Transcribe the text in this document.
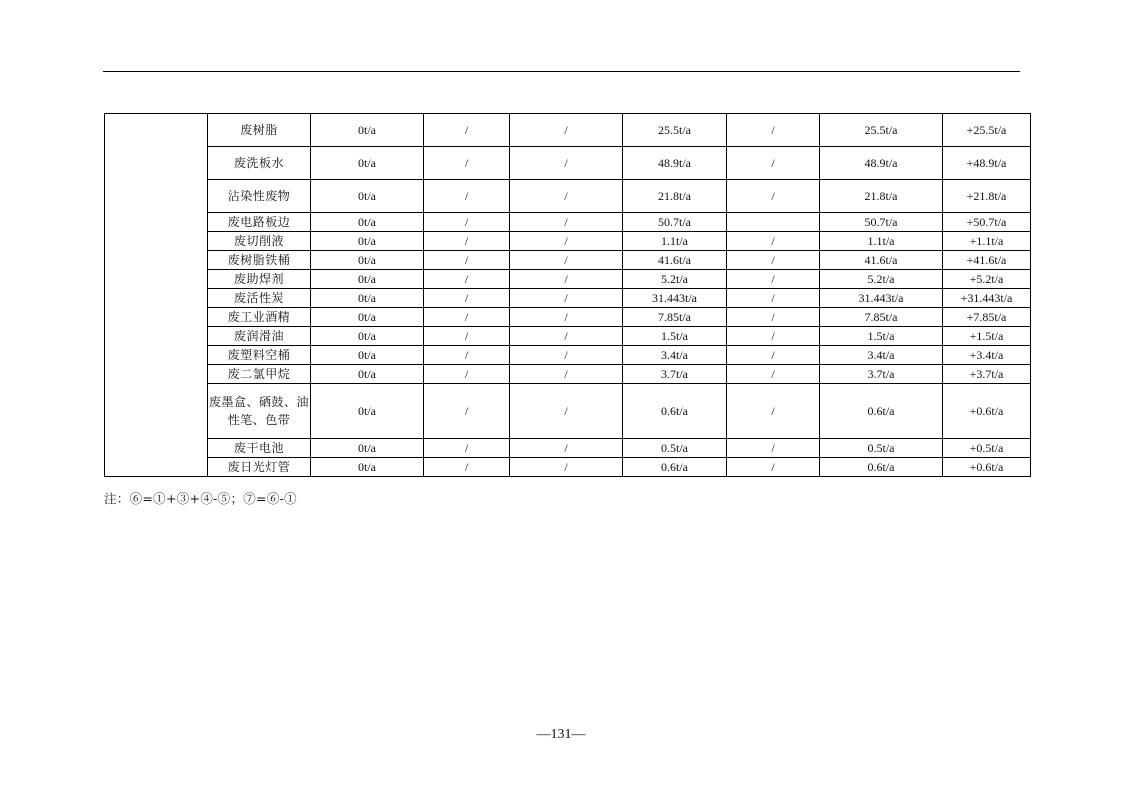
	废树脂	0t/a	/	/	25.5t/a	/	25.5t/a	+25.5t/a
	废洗板水	0t/a	/	/	48.9t/a	/	48.9t/a	+48.9t/a
	沾染性废物	0t/a	/	/	21.8t/a	/	21.8t/a	+21.8t/a
	废电路板边	0t/a	/	/	50.7t/a		50.7t/a	+50.7t/a
	废切削液	0t/a	/	/	1.1t/a	/	1.1t/a	+1.1t/a
	废树脂铁桶	0t/a	/	/	41.6t/a	/	41.6t/a	+41.6t/a
	废助焊剂	0t/a	/	/	5.2t/a	/	5.2t/a	+5.2t/a
	废活性炭	0t/a	/	/	31.443t/a	/	31.443t/a	+31.443t/a
	废工业酒精	0t/a	/	/	7.85t/a	/	7.85t/a	+7.85t/a
	废润滑油	0t/a	/	/	1.5t/a	/	1.5t/a	+1.5t/a
	废塑料空桶	0t/a	/	/	3.4t/a	/	3.4t/a	+3.4t/a
	废二氯甲烷	0t/a	/	/	3.7t/a	/	3.7t/a	+3.7t/a
	废墨盒、硒鼓、油性笔、色带	0t/a	/	/	0.6t/a	/	0.6t/a	+0.6t/a
	废干电池	0t/a	/	/	0.5t/a	/	0.5t/a	+0.5t/a
	废日光灯管	0t/a	/	/	0.6t/a	/	0.6t/a	+0.6t/a
注：⑥=①+③+④-⑤；⑦=⑥-①
—131—
